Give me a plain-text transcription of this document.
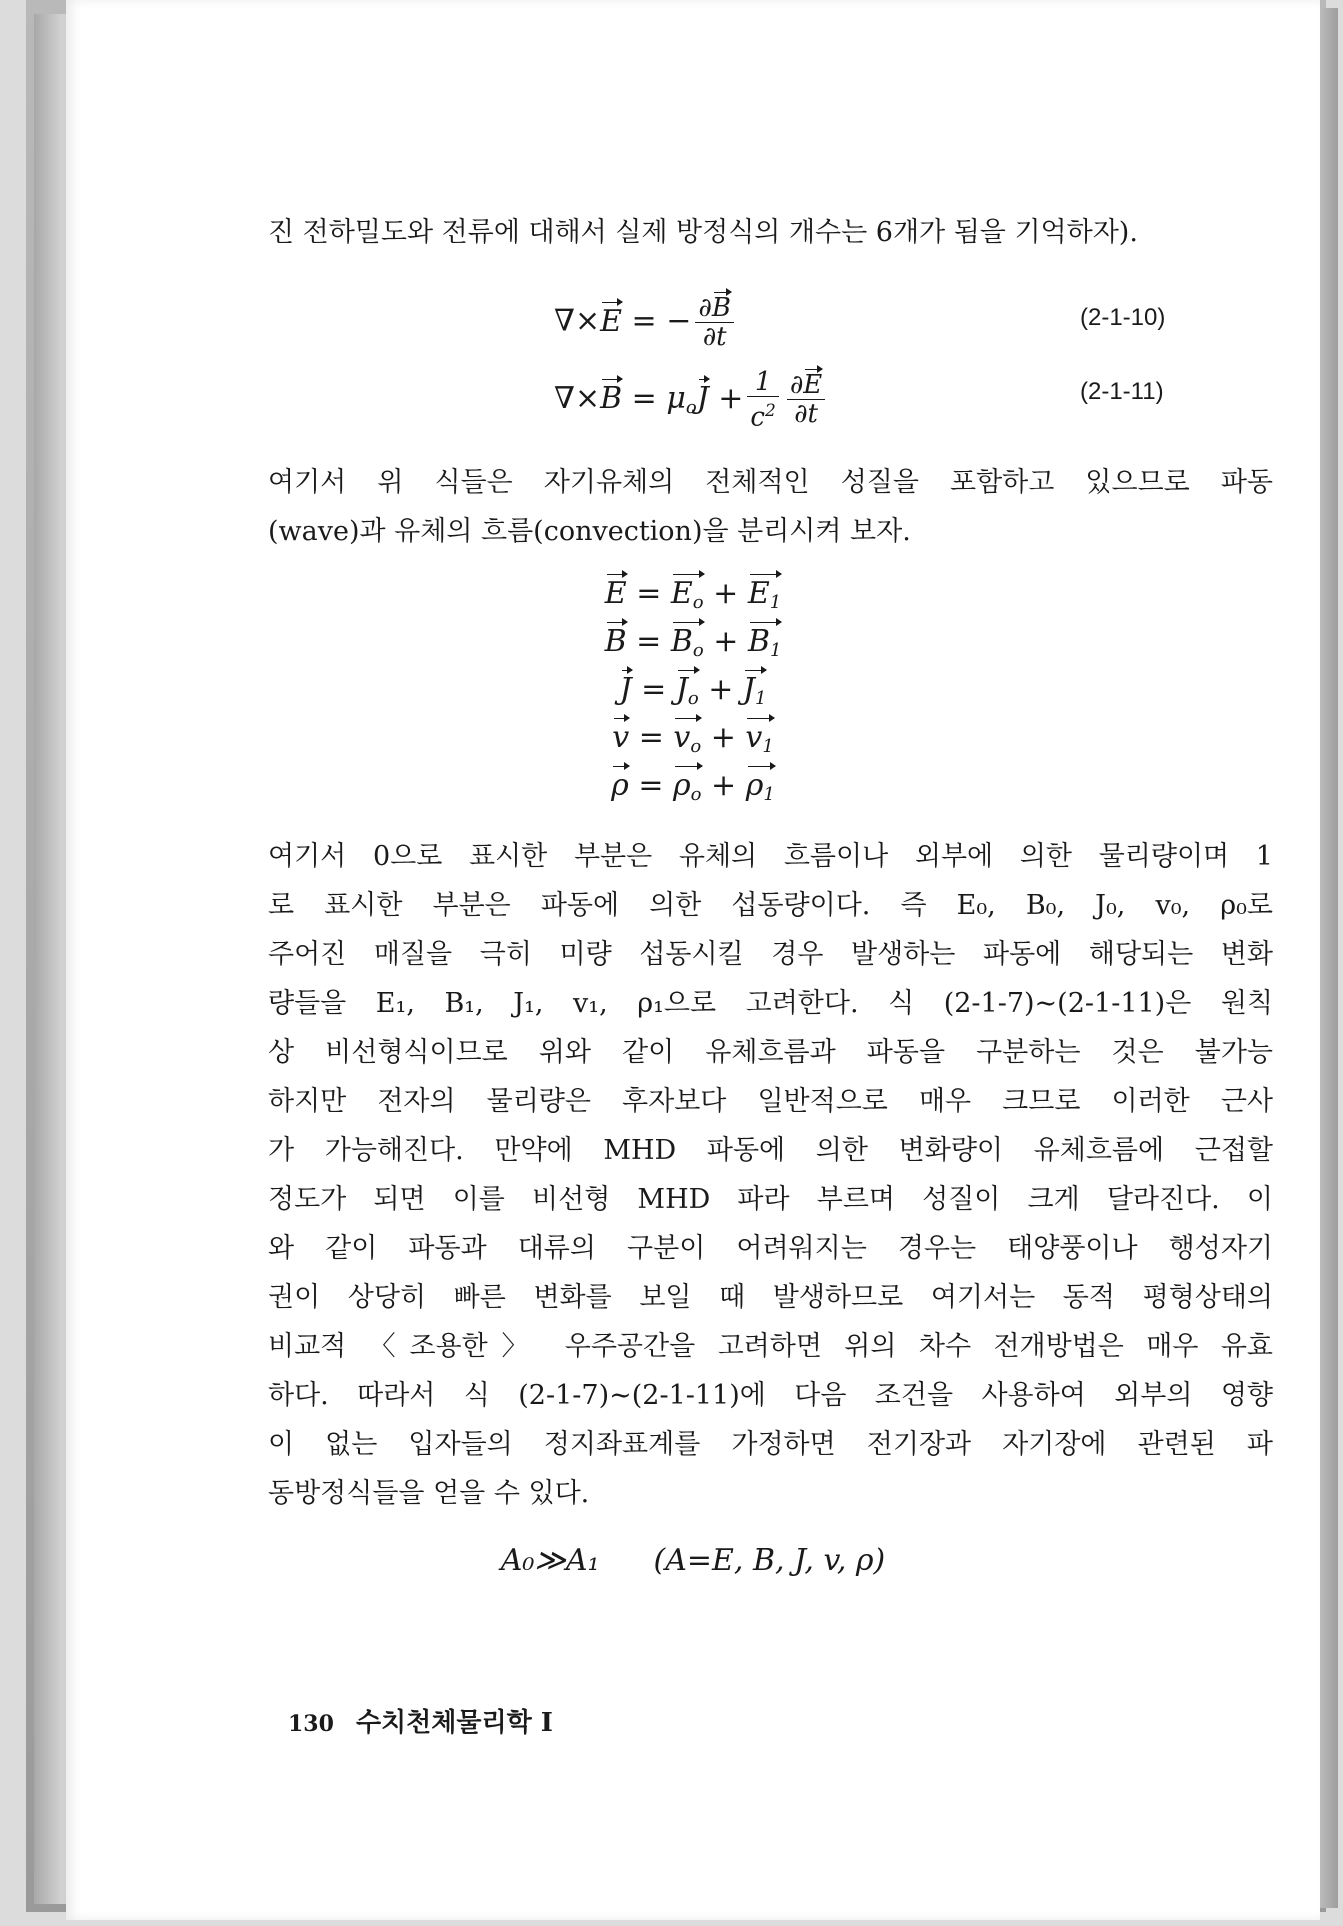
진 전하밀도와 전류에 대해서 실제 방정식의 개수는 6개가 됨을 기억하자).
∇×E = − $\frac{\partial B}{\partial t}$	(2-1-10)
$\nabla\times B = \mu_oJ + \frac{1}{c^2} \frac{\partial E}{\partial t}$	(2-1-11)
여기서 위 식들은 자기유체의 전체적인 성질을 포함하고 있으므로 파동
(wave)과 유체의 흐름(convection)을 분리시켜 보자.
$E = E_o + E_1$
$B = B_o + B_1$
$J = J_o + J_1$
$v = v_o + v_1$
$\rho = \rho_o + \rho_1$
여기서 0으로 표시한 부분은 유체의 흐름이나 외부에 의한 물리량이며 1
로 표시한 부분은 파동에 의한 섭동량이다. 즉 E₀, B₀, J₀, v₀, ρ₀로
주어진 매질을 극히 미량 섭동시킬 경우 발생하는 파동에 해당되는 변화
량들을 E₁, B₁, J₁, v₁, ρ₁으로 고려한다. 식 (2-1-7)∼(2-1-11)은 원칙
상 비선형식이므로 위와 같이 유체흐름과 파동을 구분하는 것은 불가능
하지만 전자의 물리량은 후자보다 일반적으로 매우 크므로 이러한 근사
가 가능해진다. 만약에 MHD 파동에 의한 변화량이 유체흐름에 근접할
정도가 되면 이를 비선형 MHD 파라 부르며 성질이 크게 달라진다. 이
와 같이 파동과 대류의 구분이 어려워지는 경우는 태양풍이나 행성자기
권이 상당히 빠른 변화를 보일 때 발생하므로 여기서는 동적 평형상태의
비교적 〈조용한〉 우주공간을 고려하면 위의 차수 전개방법은 매우 유효
하다. 따라서 식 (2-1-7)∼(2-1-11)에 다음 조건을 사용하여 외부의 영향
이 없는 입자들의 정지좌표계를 가정하면 전기장과 자기장에 관련된 파
동방정식들을 얻을 수 있다.
A₀≫A₁ (A=E, B, J, v, ρ)
130 수치천체물리학 Ⅰ
